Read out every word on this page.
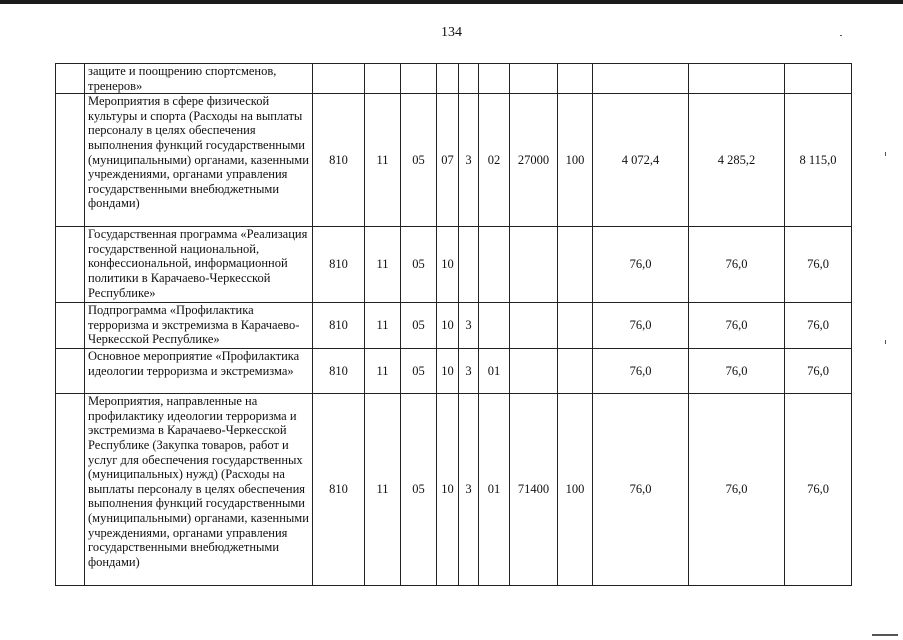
134
	защите и поощрению спортсменов, тренеров»											
	Мероприятия в сфере физической культуры и спорта (Расходы на выплаты персоналу в целях обеспечения выполнения функций государственными (муниципальными) органами, казенными учреждениями, органами управления государственными внебюджетными фондами)	810	11	05	07	3	02	27000	100	4 072,4	4 285,2	8 115,0
	Государственная программа «Реализация государственной национальной, конфессиональной, информационной политики в Карачаево-Черкесской Республике»	810	11	05	10					76,0	76,0	76,0
	Подпрограмма «Профилактика терроризма и экстремизма в Карачаево-Черкесской Республике»	810	11	05	10	3				76,0	76,0	76,0
	Основное мероприятие «Профилактика идеологии терроризма и экстремизма»	810	11	05	10	3	01			76,0	76,0	76,0
	Мероприятия, направленные на профилактику идеологии терроризма и экстремизма в Карачаево-Черкесской Республике (Закупка товаров, работ и услуг для обеспечения государственных (муниципальных) нужд) (Расходы на выплаты персоналу в целях обеспечения выполнения функций государственными (муниципальными) органами, казенными учреждениями, органами управления государственными внебюджетными фондами)	810	11	05	10	3	01	71400	100	76,0	76,0	76,0
